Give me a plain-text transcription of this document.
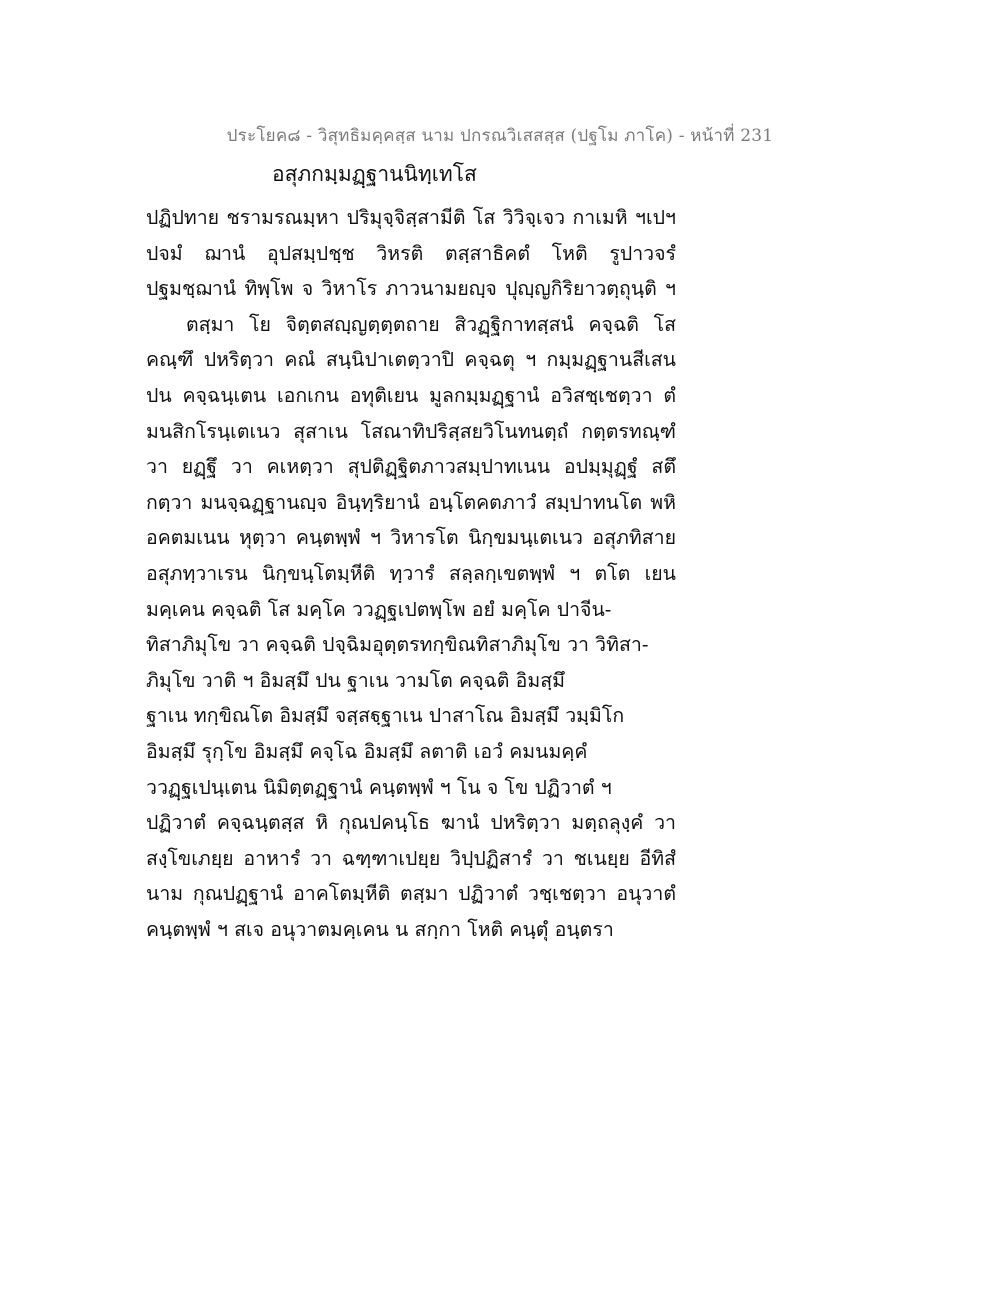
ประโยค๘ - วิสุทธิมคฺคสฺส นาม ปกรณวิเสสสฺส (ปฐโม ภาโค) - หน้าที่ 231
อสุภกมฺมฏฺฐานนิทฺเทโส
ปฏิปทาย ชรามรณมฺหา ปริมุจฺจิสฺสามีติ โส วิวิจฺเจว กาเมหิ ฯเปฯ
ปจมํ ฌานํ อุปสมฺปชฺช วิหรติ ตสฺสาธิคตํ โหติ รูปาวจรํ
ปฐมชฺฌานํ ทิพฺโพ จ วิหาโร ภาวนามยญฺจ ปุญฺญกิริยาวตฺถุนฺติ ฯ
ตสฺมา โย จิตฺตสญฺญตฺตฺตถาย สิวฏฺฐิกาทสฺสนํ คจฺฉติ โส
คณฺฑึ ปหริตฺวา คณํ สนฺนิปาเตตฺวาปิ คจฺฉตุ ฯ กมฺมฏฺฐานสีเสน
ปน คจฺฉนฺเตน เอกเกน อทุติเยน มูลกมฺมฏฺฐานํ อวิสชฺเชตฺวา ตํ
มนสิกโรนฺเตเนว สุสาเน โสณาทิปริสฺสยวิโนทนตฺถํ กตฺตรทณฺฑํ
วา ยฏฺฐึ วา คเหตฺวา สุปติฏฺฐิตภาวสมฺปาทเนน อปมฺมุฏฺฐํ สตึ
กตฺวา มนจฺฉฏฺฐานญฺจ อินฺทฺริยานํ อนฺโตคตภาวํ สมฺปาทนโต พหิ
อคตมเนน หุตฺวา คนฺตพฺพํ ฯ วิหารโต นิกฺขมนฺเตเนว อสุภทิสาย
อสุภทฺวาเรน นิกฺขนฺโตมฺหีติ ทฺวารํ สลฺลกฺเขตพฺพํ ฯ ตโต เยน
มคฺเคน คจฺฉติ โส มคฺโค ววฏฺฐเปตพฺโพ อยํ มคฺโค ปาจีน-
ทิสาภิมุโข วา คจฺฉติ ปจฺฉิมอุตฺตรทกฺขิณทิสาภิมุโข วา วิทิสา-
ภิมุโข วาติ ฯ อิมสฺมึ ปน ฐาเน วามโต คจฺฉติ อิมสฺมึ
ฐาเน ทกฺขิณโต อิมสฺมึ จสฺสฐฺฐาเน ปาสาโณ อิมสฺมึ วมฺมิโก
อิมสฺมึ รุกฺโข อิมสฺมึ คจฺโฉ อิมสฺมึ ลตาติ เอวํ คมนมคฺคํ
ววฏฺฐเปนฺเตน นิมิตฺตฏฺฐานํ คนฺตพฺพํ ฯ โน จ โข ปฏิวาตํ ฯ
ปฏิวาตํ คจฺฉนฺตสฺส หิ กุณปคนฺโธ ฆานํ ปหริตฺวา มตฺถลุงฺคํ วา
สงฺโขเภยฺย อาหารํ วา ฉฑฺฑาเปยฺย วิปฺปฏิสารํ วา ชเนยฺย อีทิสํ
นาม กุณปฏฺฐานํ อาคโตมฺหีติ ตสฺมา ปฏิวาตํ วชฺเชตฺวา อนุวาตํ
คนฺตพฺพํ ฯ สเจ อนุวาตมคฺเคน น สกฺกา โหติ คนฺตุํ อนฺตรา
